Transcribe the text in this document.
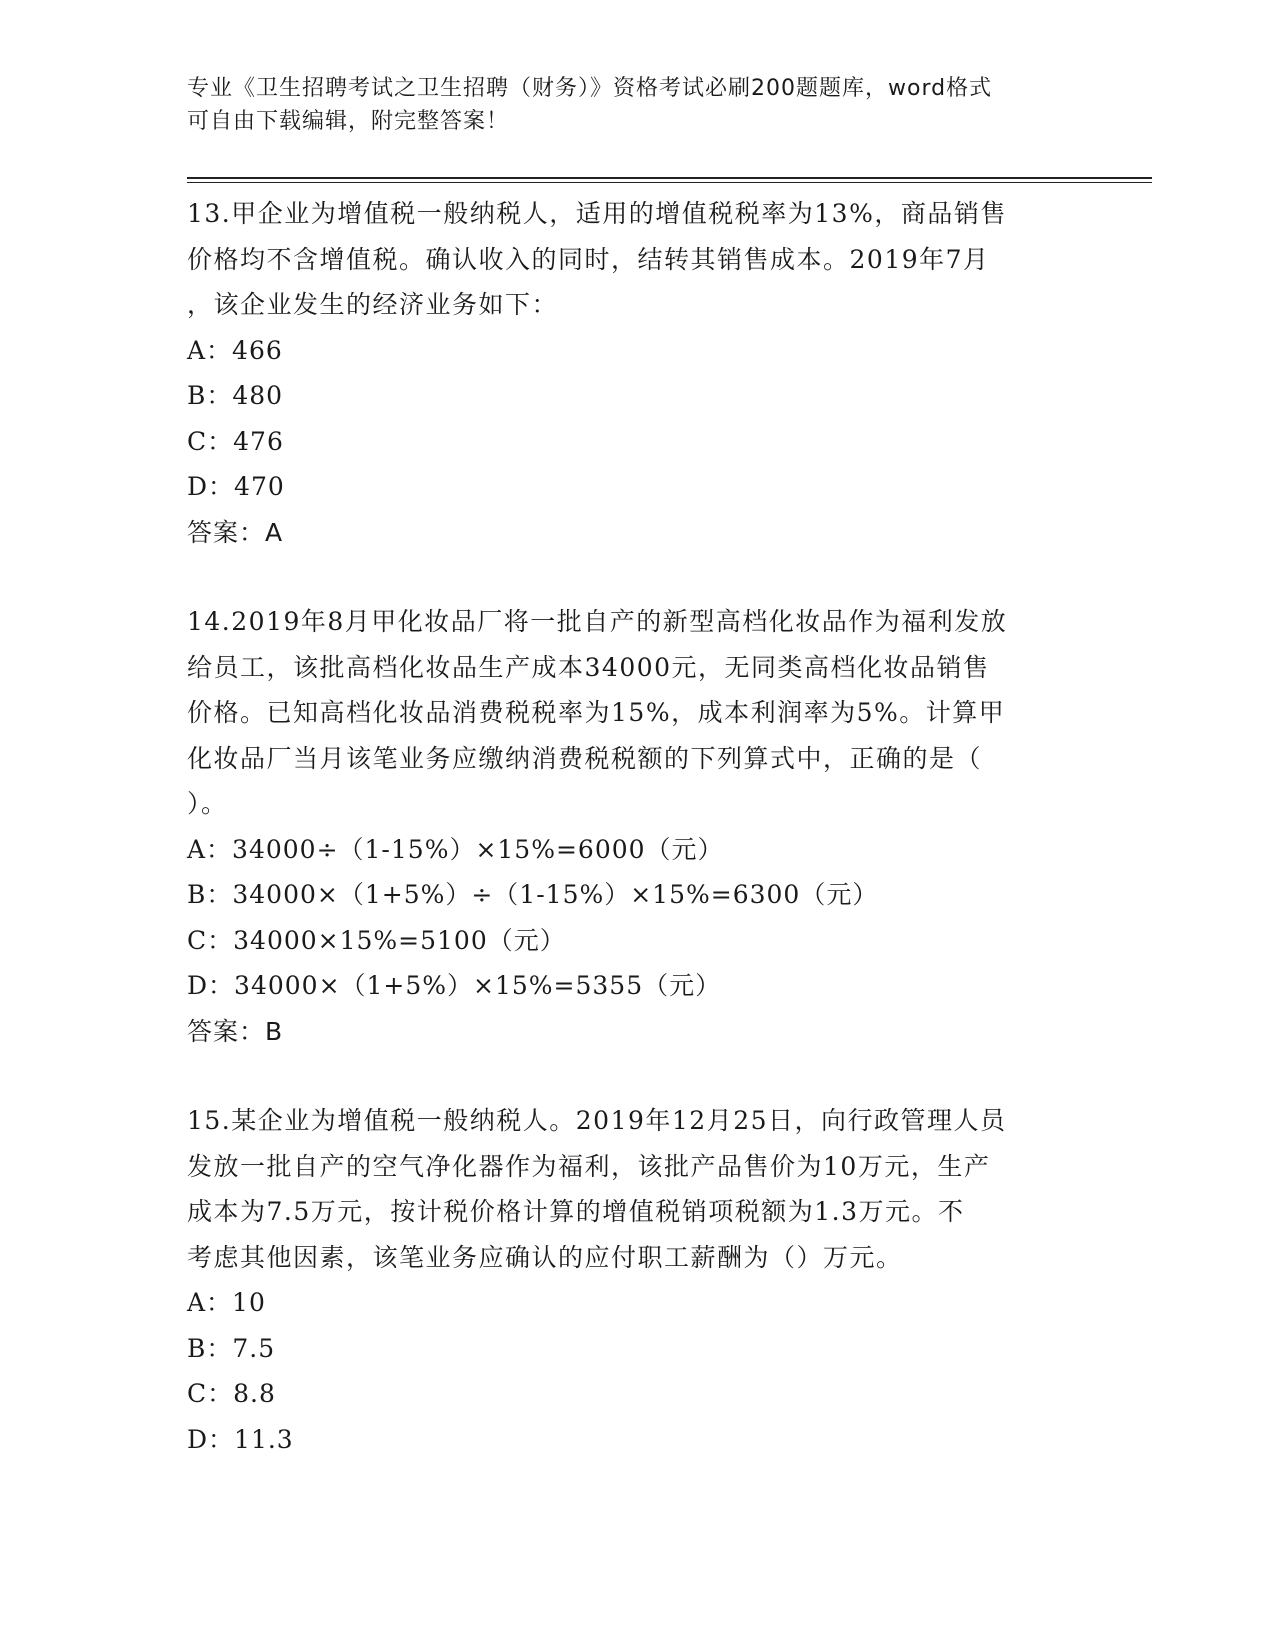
专业《卫生招聘考试之卫生招聘（财务）》资格考试必刷200题题库，word格式
可自由下载编辑，附完整答案！

13.甲企业为增值税一般纳税人，适用的增值税税率为13%，商品销售

价格均不含增值税。确认收入的同时，结转其销售成本。2019年7月

，该企业发生的经济业务如下：

A：466

B：480

C：476

D：470

答案：A

14.2019年8月甲化妆品厂将一批自产的新型高档化妆品作为福利发放

给员工，该批高档化妆品生产成本34000元，无同类高档化妆品销售

价格。已知高档化妆品消费税税率为15%，成本利润率为5%。计算甲

化妆品厂当月该笔业务应缴纳消费税税额的下列算式中，正确的是（

）。

A：34000÷（1-15%）×15%=6000（元）

B：34000×（1+5%）÷（1-15%）×15%=6300（元）

C：34000×15%=5100（元）

D：34000×（1+5%）×15%=5355（元）

答案：B

15.某企业为增值税一般纳税人。2019年12月25日，向行政管理人员

发放一批自产的空气净化器作为福利，该批产品售价为10万元，生产

成本为7.5万元，按计税价格计算的增值税销项税额为1.3万元。不

考虑其他因素，该笔业务应确认的应付职工薪酬为（）万元。

A：10

B：7.5

C：8.8

D：11.3
